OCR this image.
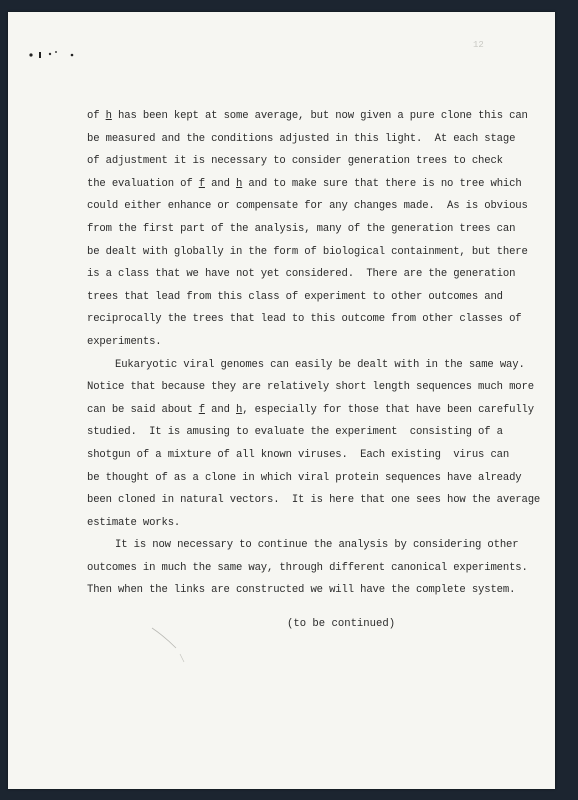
12
of h has been kept at some average, but now given a pure clone this can
be measured and the conditions adjusted in this light.  At each stage
of adjustment it is necessary to consider generation trees to check
the evaluation of f and h and to make sure that there is no tree which
could either enhance or compensate for any changes made.  As is obvious
from the first part of the analysis, many of the generation trees can
be dealt with globally in the form of biological containment, but there
is a class that we have not yet considered.  There are the generation
trees that lead from this class of experiment to other outcomes and
reciprocally the trees that lead to this outcome from other classes of
experiments.
Eukaryotic viral genomes can easily be dealt with in the same way.
Notice that because they are relatively short length sequences much more
can be said about f and h, especially for those that have been carefully
studied.  It is amusing to evaluate the experiment  consisting of a
shotgun of a mixture of all known viruses.  Each existing  virus can
be thought of as a clone in which viral protein sequences have already
been cloned in natural vectors.  It is here that one sees how the average
estimate works.
It is now necessary to continue the analysis by considering other
outcomes in much the same way, through different canonical experiments.
Then when the links are constructed we will have the complete system.
(to be continued)
